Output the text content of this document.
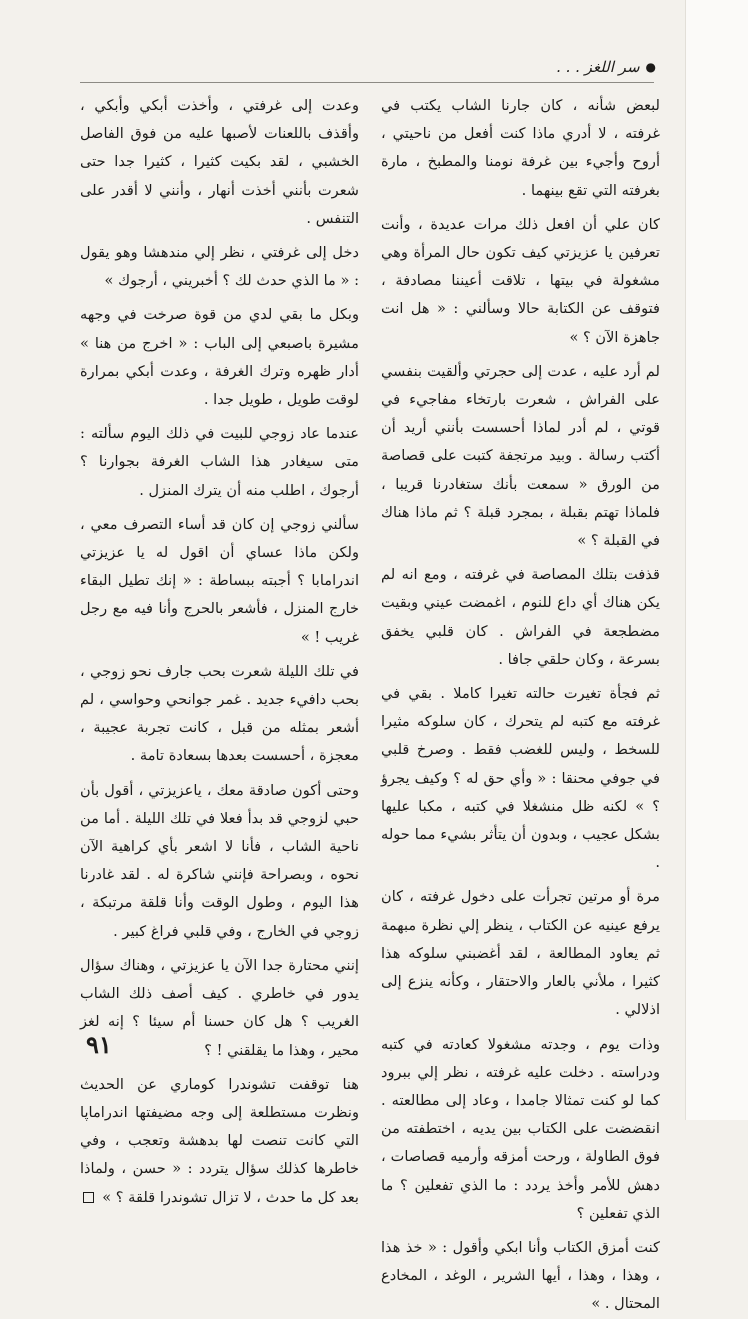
●
سر اللغز . . .

لبعض شأنه ، كان جارنا الشاب يكتب في غرفته ، لا أدري ماذا كنت أفعل من ناحيتي ، أروح وأجيء بين غرفة نومنا والمطبخ ، مارة بغرفته التي تقع بينهما .

كان علي أن افعل ذلك مرات عديدة ، وأنت تعرفين يا عزيزتي كيف تكون حال المرأة وهي مشغولة في بيتها ، تلاقت أعيننا مصادفة ، فتوقف عن الكتابة حالا وسألني : « هل انت جاهزة الآن ؟ »

لم أرد عليه ، عدت إلى حجرتي وألقيت بنفسي على الفراش ، شعرت بارتخاء مفاجيء في قوتي ، لم أدر لماذا أحسست بأنني أريد أن أكتب رسالة . وبيد مرتجفة كتبت على قصاصة من الورق « سمعت بأنك ستغادرنا قريبا ، فلماذا تهتم بقبلة ، بمجرد قبلة ؟ ثم ماذا هناك في القبلة ؟ »

قذفت بتلك المصاصة في غرفته ، ومع انه لم يكن هناك أي داع للنوم ، اغمضت عيني وبقيت مضطجعة في الفراش . كان قلبي يخفق بسرعة ، وكان حلقي جافا .

ثم فجأة تغيرت حالته تغيرا كاملا . بقي في غرفته مع كتبه لم يتحرك ، كان سلوكه مثيرا للسخط ، وليس للغضب فقط . وصرخ قلبي في جوفي محنقا : « وأي حق له ؟ وكيف يجرؤ ؟ » لكنه ظل منشغلا في كتبه ، مكبا عليها بشكل عجيب ، وبدون أن يتأثر بشيء مما حوله .

مرة أو مرتين تجرأت على دخول غرفته ، كان يرفع عينيه عن الكتاب ، ينظر إلي نظرة مبهمة ثم يعاود المطالعة ، لقد أغضبني سلوكه هذا كثيرا ، ملأني بالعار والاحتقار ، وكأنه ينزع إلى اذلالي .

وذات يوم ، وجدته مشغولا كعادته في كتبه ودراسته . دخلت عليه غرفته ، نظر إلي ببرود كما لو كنت تمثالا جامدا ، وعاد إلى مطالعته . انقضضت على الكتاب بين يديه ، اختطفته من فوق الطاولة ، ورحت أمزقه وأرميه قصاصات ، دهش للأمر وأخذ يردد : ما الذي تفعلين ؟ ما الذي تفعلين ؟

كنت أمزق الكتاب وأنا ابكي وأقول : « خذ هذا ، وهذا ، وهذا ، أيها الشرير ، الوغد ، المخادع المحتال . »

وعدت إلى غرفتي ، وأخذت أبكي وأبكي ، وأقذف باللعنات لأصبها عليه من فوق الفاصل الخشبي ، لقد بكيت كثيرا ، كثيرا جدا حتى شعرت بأنني أخذت أنهار ، وأنني لا أقدر على التنفس .

دخل إلى غرفتي ، نظر إلي مندهشا وهو يقول : « ما الذي حدث لك ؟ أخبريني ، أرجوك »

وبكل ما بقي لدي من قوة صرخت في وجهه مشيرة باصبعي إلى الباب : « اخرج من هنا » أدار ظهره وترك الغرفة ، وعدت أبكي بمرارة لوقت طويل ، طويل جدا .

عندما عاد زوجي للبيت في ذلك اليوم سألته : متى سيغادر هذا الشاب الغرفة بجوارنا ؟ أرجوك ، اطلب منه أن يترك المنزل .

سألني زوجي إن كان قد أساء التصرف معي ، ولكن ماذا عساي أن اقول له يا عزيزتي اندرامابا ؟ أجبته ببساطة : « إنك تطيل البقاء خارج المنزل ، فأشعر بالحرج وأنا فيه مع رجل غريب ! »

في تلك الليلة شعرت بحب جارف نحو زوجي ، بحب دافيء جديد . غمر جوانحي وحواسي ، لم أشعر بمثله من قبل ، كانت تجربة عجيبة ، معجزة ، أحسست بعدها بسعادة تامة .

وحتى أكون صادقة معك ، ياعزيزتي ، أقول بأن حبي لزوجي قد بدأ فعلا في تلك الليلة . أما من ناحية الشاب ، فأنا لا اشعر بأي كراهية الآن نحوه ، وبصراحة فإنني شاكرة له . لقد غادرنا هذا اليوم ، وطول الوقت وأنا قلقة مرتبكة ، زوجي في الخارج ، وفي قلبي فراغ كبير .

إنني محتارة جدا الآن يا عزيزتي ، وهناك سؤال يدور في خاطري . كيف أصف ذلك الشاب الغريب ؟ هل كان حسنا أم سيئا ؟ إنه لغز محير ، وهذا ما يقلقني ! ؟

هنا توقفت تشوندرا كوماري عن الحديث ونظرت مستطلعة إلى وجه مضيفتها اندراماپا التي كانت تنصت لها بدهشة وتعجب ، وفي خاطرها كذلك سؤال يتردد : « حسن ، ولماذا بعد كل ما حدث ، لا تزال تشوندرا قلقة ؟ »

٩١
